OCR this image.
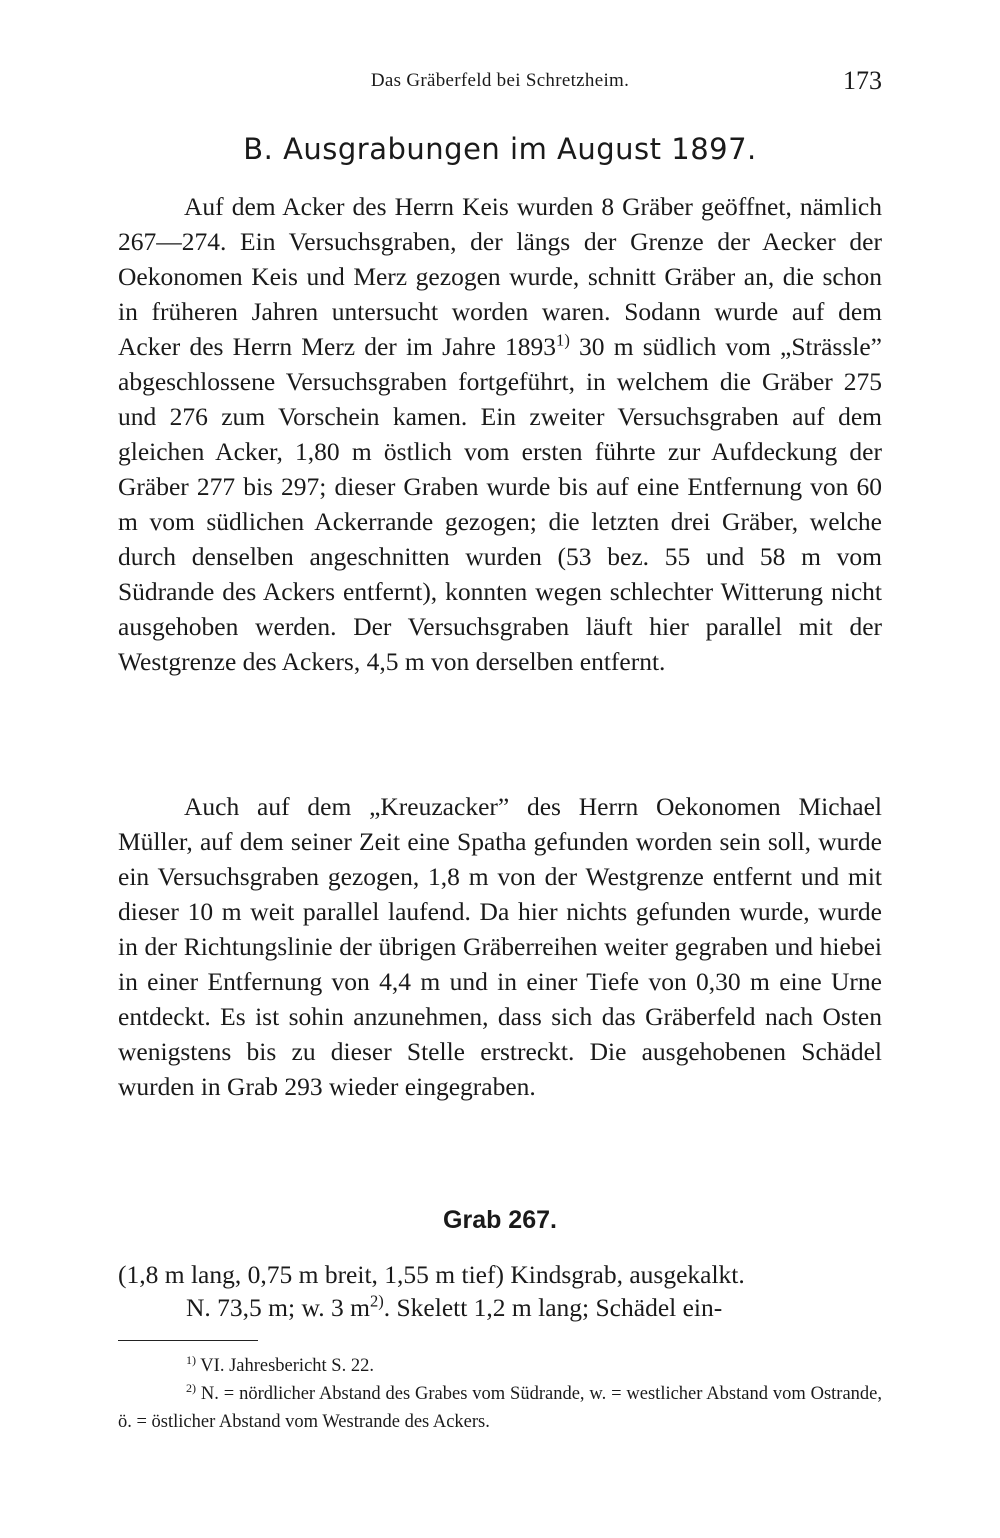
Das Gräberfeld bei Schretzheim.	173
B. Ausgrabungen im August 1897.

Auf dem Acker des Herrn Keis wurden 8 Gräber geöffnet, nämlich 267—274. Ein Versuchsgraben, der längs der Grenze der Aecker der Oekonomen Keis und Merz gezogen wurde, schnitt Gräber an, die schon in früheren Jahren untersucht worden waren. Sodann wurde auf dem Acker des Herrn Merz der im Jahre 1893$^{1)}$ 30 m südlich vom „Strässle” abgeschlossene Versuchsgraben fortgeführt, in welchem die Gräber 275 und 276 zum Vorschein kamen. Ein zweiter Versuchsgraben auf dem gleichen Acker, 1,80 m östlich vom ersten führte zur Aufdeckung der Gräber 277 bis 297; dieser Graben wurde bis auf eine Entfernung von 60 m vom südlichen Ackerrande gezogen; die letzten drei Gräber, welche durch denselben angeschnitten wurden (53 bez. 55 und 58 m vom Südrande des Ackers entfernt), konnten wegen schlechter Witterung nicht ausgehoben werden. Der Versuchsgraben läuft hier parallel mit der Westgrenze des Ackers, 4,5 m von derselben entfernt.

Auch auf dem „Kreuzacker” des Herrn Oekonomen Michael Müller, auf dem seiner Zeit eine Spatha gefunden worden sein soll, wurde ein Versuchsgraben gezogen, 1,8 m von der Westgrenze entfernt und mit dieser 10 m weit parallel laufend. Da hier nichts gefunden wurde, wurde in der Richtungslinie der übrigen Gräberreihen weiter gegraben und hiebei in einer Entfernung von 4,4 m und in einer Tiefe von 0,30 m eine Urne entdeckt. Es ist sohin anzunehmen, dass sich das Gräberfeld nach Osten wenigstens bis zu dieser Stelle erstreckt. Die ausgehobenen Schädel wurden in Grab 293 wieder eingegraben.

Grab 267.
(1,8 m lang, 0,75 m breit, 1,55 m tief) Kindsgrab, ausgekalkt.
N. 73,5 m; w. 3 $m^{2)}$. Skelett 1,2 m lang; Schädel ein-

$^{1)}$ VI. Jahresbericht S. 22.

$^{2)}$ N. = nördlicher Abstand des Grabes vom Südrande, w. = westlicher Abstand vom Ostrande, ö. = östlicher Abstand vom Westrande des Ackers.
